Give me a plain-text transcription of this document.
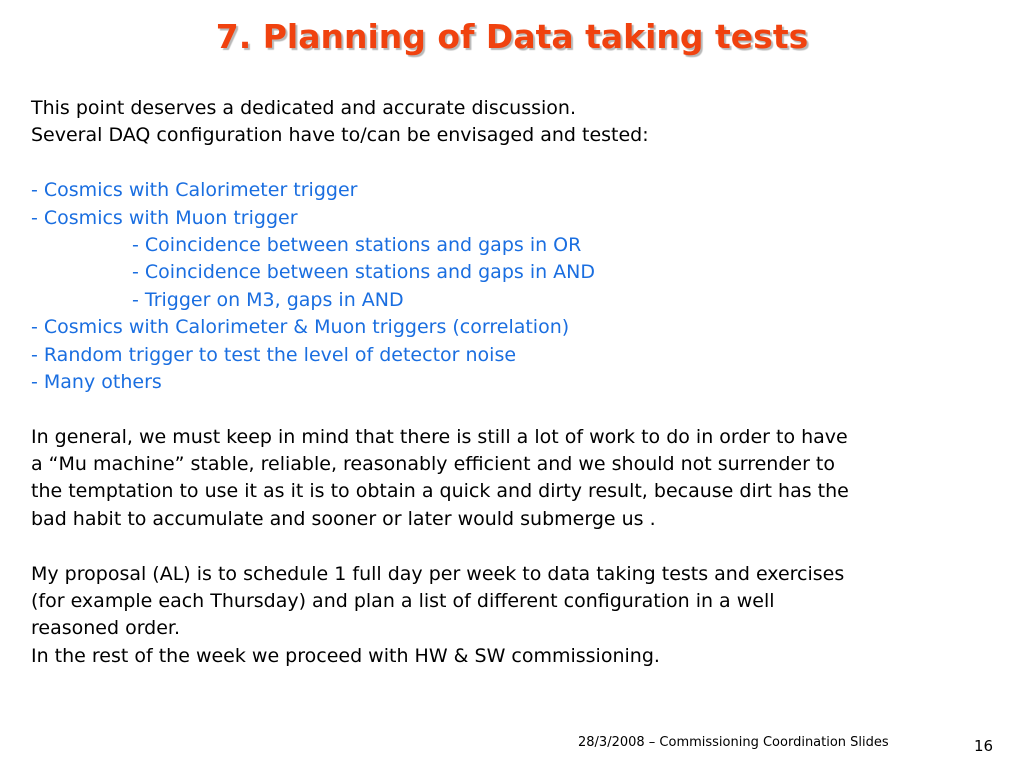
7. Planning of Data taking tests
This point deserves a dedicated and accurate discussion.
Several DAQ configuration have to/can be envisaged and tested:
- Cosmics with Calorimeter trigger
- Cosmics with Muon trigger
- Coincidence between stations and gaps in OR
- Coincidence between stations and gaps in AND
- Trigger on M3, gaps in AND
- Cosmics with Calorimeter & Muon triggers (correlation)
- Random trigger to test the level of detector noise
- Many others
In general, we must keep in mind that there is still a lot of work to do in order to have
a “Mu machine” stable, reliable, reasonably efficient and we should not surrender to
the temptation to use it as it is to obtain a quick and dirty result, because dirt has the
bad habit to accumulate and sooner or later would submerge us .
My proposal (AL) is to schedule 1 full day per week to data taking tests and exercises
(for example each Thursday) and plan a list of different configuration in a well
reasoned order.
In the rest of the week we proceed with HW & SW commissioning.
28/3/2008 – Commissioning Coordination Slides	16
